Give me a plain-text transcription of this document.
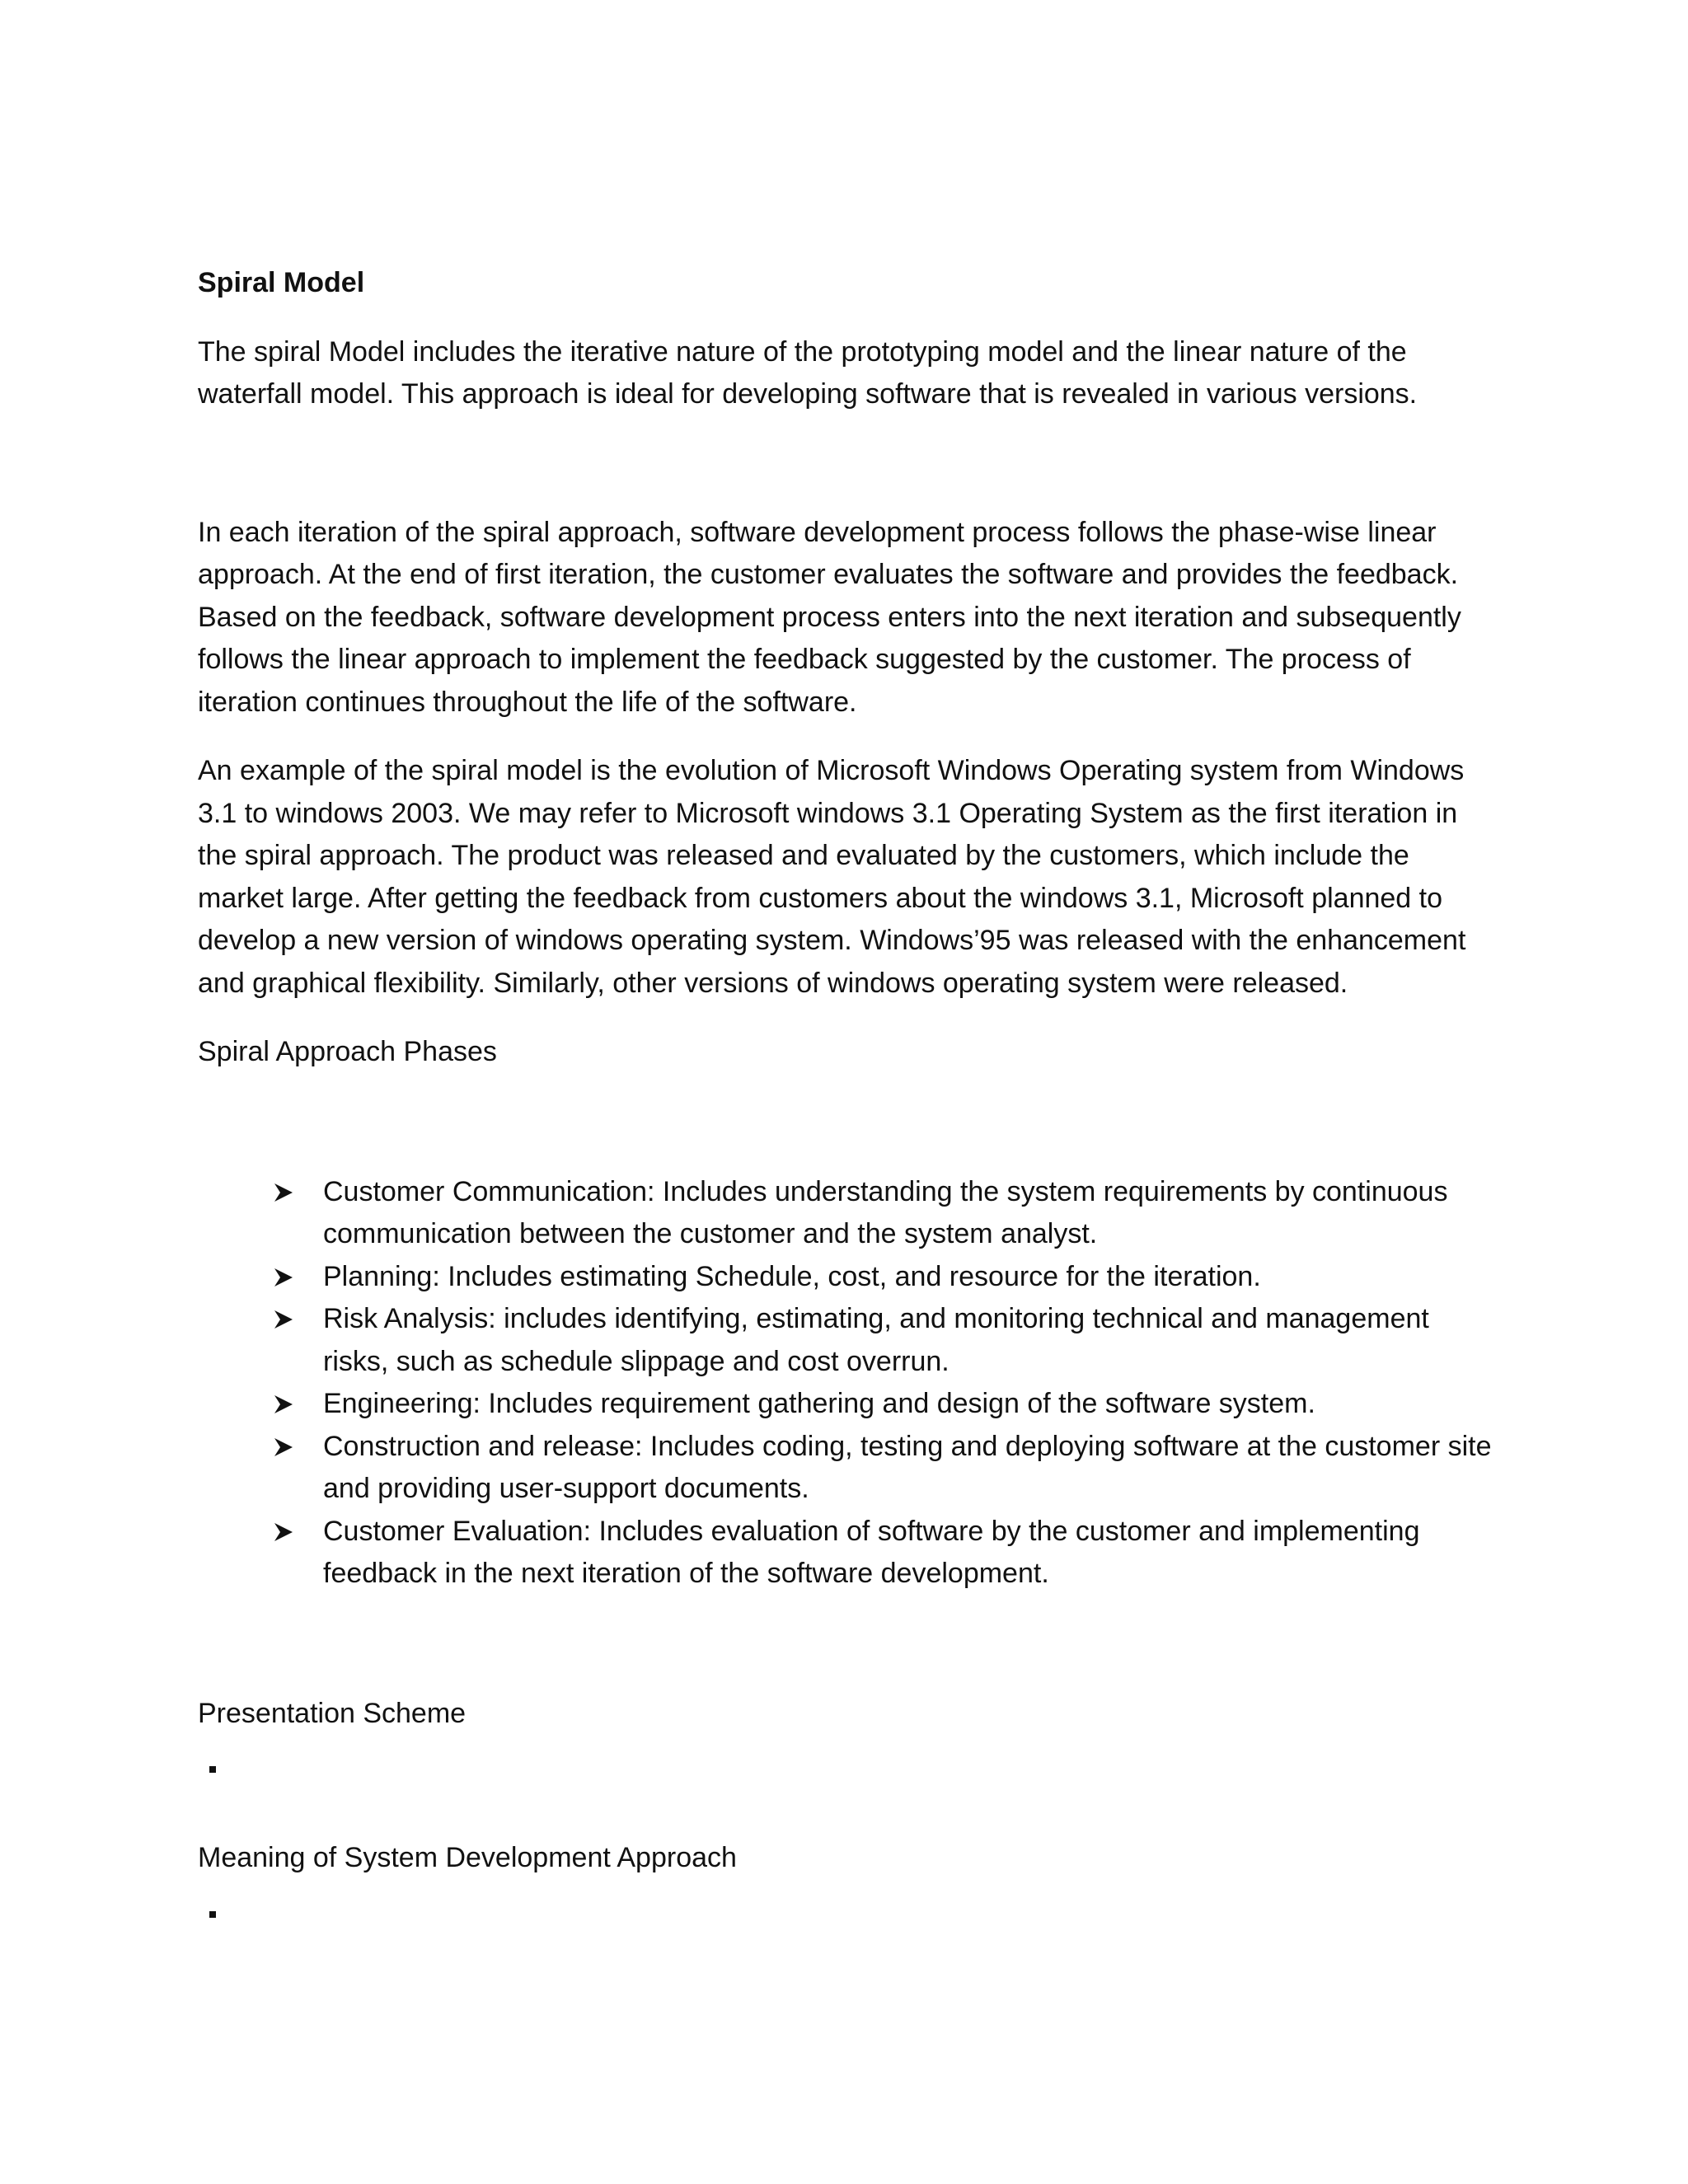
Spiral Model

The spiral Model includes the iterative nature of the prototyping model and the linear nature of the waterfall model. This approach is ideal for developing software that is revealed in various versions.

In each iteration of the spiral approach, software development process follows the phase-wise linear approach. At the end of first iteration, the customer evaluates the software and provides the feedback. Based on the feedback, software development process enters into the next iteration and subsequently follows the linear approach to implement the feedback suggested by the customer. The process of iteration continues throughout the life of the software.

An example of the spiral model is the evolution of Microsoft Windows Operating system from Windows 3.1 to windows 2003. We may refer to Microsoft windows 3.1 Operating System as the first iteration in the spiral approach. The product was released and evaluated by the customers, which include the market large. After getting the feedback from customers about the windows 3.1, Microsoft planned to develop a new version of windows operating system. Windows’95 was released with the enhancement and graphical flexibility. Similarly, other versions of windows operating system were released.

Spiral Approach Phases
Customer Communication: Includes understanding the system requirements by continuous communication between the customer and the system analyst.
Planning: Includes estimating Schedule, cost, and resource for the iteration.
Risk Analysis: includes identifying, estimating, and monitoring technical and management risks, such as schedule slippage and cost overrun.
Engineering: Includes requirement gathering and design of the software system.
Construction and release: Includes coding, testing and deploying software at the customer site and providing user-support documents.
Customer Evaluation: Includes evaluation of software by the customer and implementing feedback in the next iteration of the software development.
Presentation Scheme
Meaning of System Development Approach
